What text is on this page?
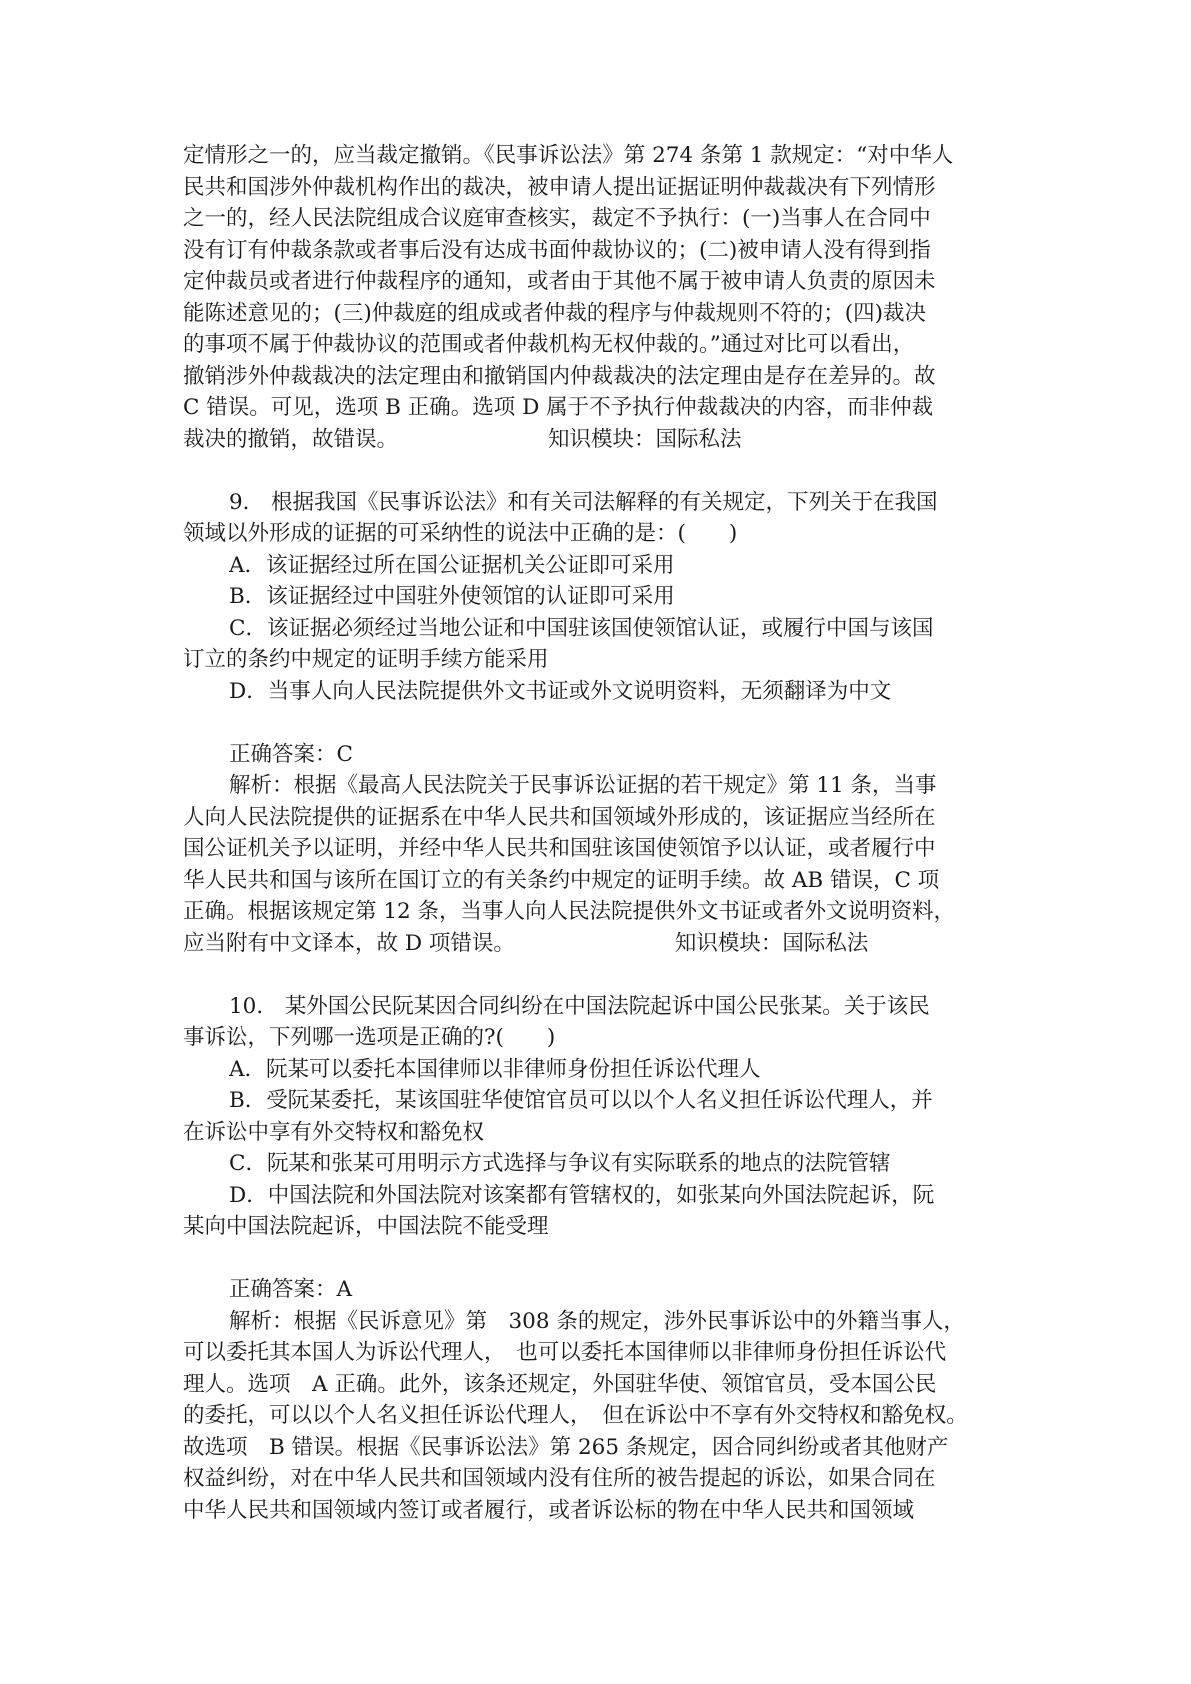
定情形之一的，应当裁定撤销。《民事诉讼法》第 274 条第 1 款规定：“对中华人
民共和国涉外仲裁机构作出的裁决，被申请人提出证据证明仲裁裁决有下列情形
之一的，经人民法院组成合议庭审查核实，裁定不予执行：(一)当事人在合同中
没有订有仲裁条款或者事后没有达成书面仲裁协议的；(二)被申请人没有得到指
定仲裁员或者进行仲裁程序的通知，或者由于其他不属于被申请人负责的原因未
能陈述意见的；(三)仲裁庭的组成或者仲裁的程序与仲裁规则不符的；(四)裁决
的事项不属于仲裁协议的范围或者仲裁机构无权仲裁的。”通过对比可以看出，
撤销涉外仲裁裁决的法定理由和撤销国内仲裁裁决的法定理由是存在差异的。故
C 错误。可见，选项 B 正确。选项 D 属于不予执行仲裁裁决的内容，而非仲裁
裁决的撤销，故错误。	知识模块：国际私法
9． 根据我国《民事诉讼法》和有关司法解释的有关规定，下列关于在我国
领域以外形成的证据的可采纳性的说法中正确的是：(　　)
A．该证据经过所在国公证据机关公证即可采用
B．该证据经过中国驻外使领馆的认证即可采用
C．该证据必须经过当地公证和中国驻该国使领馆认证，或履行中国与该国
订立的条约中规定的证明手续方能采用
D．当事人向人民法院提供外文书证或外文说明资料，无须翻译为中文
正确答案：C
解析：根据《最高人民法院关于民事诉讼证据的若干规定》第 11 条，当事
人向人民法院提供的证据系在中华人民共和国领域外形成的，该证据应当经所在
国公证机关予以证明，并经中华人民共和国驻该国使领馆予以认证，或者履行中
华人民共和国与该所在国订立的有关条约中规定的证明手续。故 AB 错误，C 项
正确。根据该规定第 12 条，当事人向人民法院提供外文书证或者外文说明资料，
应当附有中文译本，故 D 项错误。	知识模块：国际私法
10． 某外国公民阮某因合同纠纷在中国法院起诉中国公民张某。关于该民
事诉讼，下列哪一选项是正确的?(　　)
A．阮某可以委托本国律师以非律师身份担任诉讼代理人
B．受阮某委托，某该国驻华使馆官员可以以个人名义担任诉讼代理人，并
在诉讼中享有外交特权和豁免权
C．阮某和张某可用明示方式选择与争议有实际联系的地点的法院管辖
D．中国法院和外国法院对该案都有管辖权的，如张某向外国法院起诉，阮
某向中国法院起诉，中国法院不能受理
正确答案：A
解析：根据《民诉意见》第　308 条的规定，涉外民事诉讼中的外籍当事人，
可以委托其本国人为诉讼代理人，　也可以委托本国律师以非律师身份担任诉讼代
理人。选项　A 正确。此外，该条还规定，外国驻华使、领馆官员，受本国公民
的委托，可以以个人名义担任诉讼代理人，　但在诉讼中不享有外交特权和豁免权。
故选项　B 错误。根据《民事诉讼法》第 265 条规定，因合同纠纷或者其他财产
权益纠纷，对在中华人民共和国领域内没有住所的被告提起的诉讼，如果合同在
中华人民共和国领域内签订或者履行，或者诉讼标的物在中华人民共和国领域
